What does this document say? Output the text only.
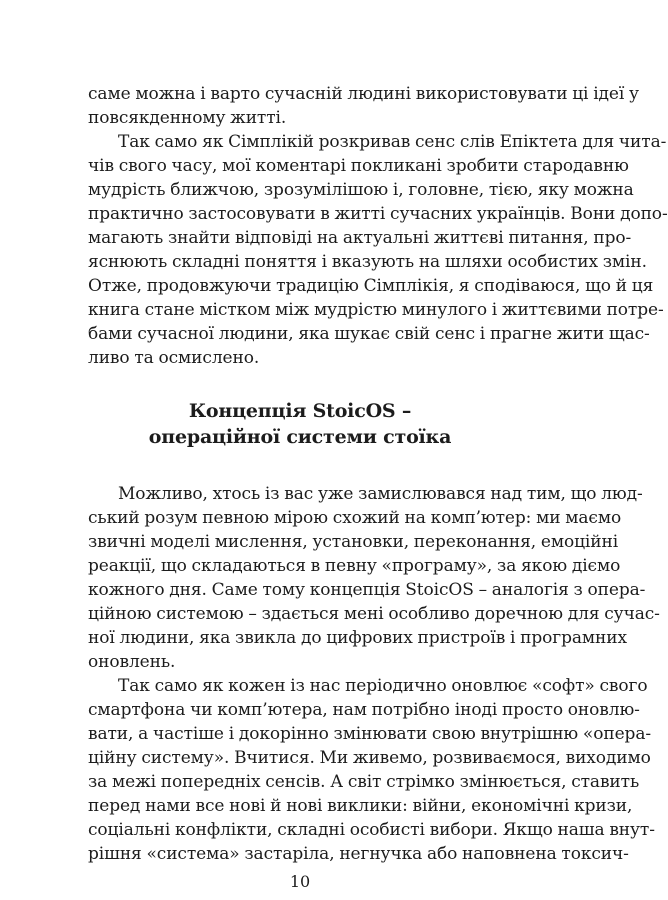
саме можна і варто сучасній людині використовувати ці ідеї у
повсякденному житті.
Так само як Сімплікій розкривав сенс слів Епіктета для чита-
чів свого часу, мої коментарі покликані зробити стародавню
мудрість ближчою, зрозумілішою і, головне, тією, яку можна
практично застосовувати в житті сучасних українців. Вони допо-
магають знайти відповіді на актуальні життєві питання, про-
яснюють складні поняття і вказують на шляхи особистих змін.
Отже, продовжуючи традицію Сімплікія, я сподіваюся, що й ця
книга стане містком між мудрістю минулого і життєвими потре-
бами сучасної людини, яка шукає свій сенс і прагне жити щас-
ливо та осмислено.
Концепція StoicOS –
операційної системи стоїка
Можливо, хтось із вас уже замислювався над тим, що люд-
ський розум певною мірою схожий на комп’ютер: ми маємо
звичні моделі мислення, установки, переконання, емоційні
реакції, що складаються в певну «програму», за якою діємо
кожного дня. Саме тому концепція StoicOS – аналогія з опера-
ційною системою – здається мені особливо доречною для сучас-
ної людини, яка звикла до цифрових пристроїв і програмних
оновлень.
Так само як кожен із нас періодично оновлює «софт» свого
смартфона чи комп’ютера, нам потрібно іноді просто оновлю-
вати, а частіше і докорінно змінювати свою внутрішню «опера-
ційну систему». Вчитися. Ми живемо, розвиваємося, виходимо
за межі попередніх сенсів. А світ стрімко змінюється, ставить
перед нами все нові й нові виклики: війни, економічні кризи,
соціальні конфлікти, складні особисті вибори. Якщо наша внут-
рішня «система» застаріла, негнучка або наповнена токсич-
10
